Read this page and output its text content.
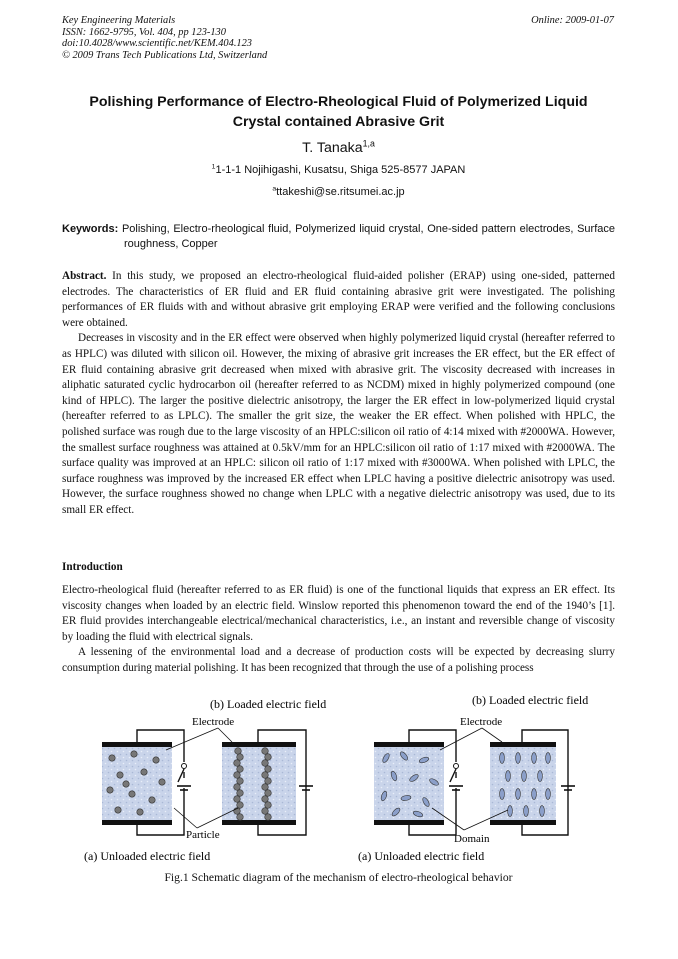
Key Engineering Materials
ISSN: 1662-9795, Vol. 404, pp 123-130
doi:10.4028/www.scientific.net/KEM.404.123
© 2009 Trans Tech Publications Ltd, Switzerland
Online: 2009-01-07
Polishing Performance of Electro-Rheological Fluid of Polymerized Liquid
Crystal contained Abrasive Grit
T. Tanaka$^{1,a}$
$^1$1-1-1 Nojihigashi, Kusatsu, Shiga 525-8577 JAPAN
$^a$ttakeshi@se.ritsumei.ac.jp
Keywords: Polishing, Electro-rheological fluid, Polymerized liquid crystal, One-sided pattern electrodes, Surface roughness, Copper

Abstract. In this study, we proposed an electro-rheological fluid-aided polisher (ERAP) using one-sided, patterned electrodes. The characteristics of ER fluid and ER fluid containing abrasive grit were investigated. The polishing performances of ER fluids with and without abrasive grit employing ERAP were verified and the following conclusions were obtained.

Decreases in viscosity and in the ER effect were observed when highly polymerized liquid crystal (hereafter referred to as HPLC) was diluted with silicon oil. However, the mixing of abrasive grit increases the ER effect, but the ER effect of ER fluid containing abrasive grit decreased when mixed with abrasive grit. The viscosity decreased with increases in aliphatic saturated cyclic hydrocarbon oil (hereafter referred to as NCDM) mixed in highly polymerized compound (one kind of HPLC). The larger the positive dielectric anisotropy, the larger the ER effect in low-polymerized liquid crystal (hereafter referred to as LPLC). The smaller the grit size, the weaker the ER effect. When polished with HPLC, the polished surface was rough due to the large viscosity of an HPLC:silicon oil ratio of 4:14 mixed with #2000WA. However, the smallest surface roughness was attained at 0.5kV/mm for an HPLC:silicon oil ratio of 1:17 mixed with #2000WA. The surface quality was improved at an HPLC: silicon oil ratio of 1:17 mixed with #3000WA. When polished with LPLC, the surface roughness was improved by the increased ER effect when LPLC having a positive dielectric anisotropy was used. However, the surface roughness showed no change when LPLC with a negative dielectric anisotropy was used, due to its small ER effect.

Introduction

Electro-rheological fluid (hereafter referred to as ER fluid) is one of the functional liquids that express an ER effect. Its viscosity changes when loaded by an electric field. Winslow reported this phenomenon toward the end of the 1940’s [1]. ER fluid provides interchangeable electrical/mechanical characteristics, i.e., an instant and reversible change of viscosity by loading the fluid with electrical signals.

A lessening of the environmental load and a decrease of production costs will be expected by decreasing slurry consumption during material polishing. It has been recognized that through the use of a polishing process

(b) Loaded electric field
Electrode
Particle
(a) Unloaded electric field
(b) Loaded electric field
Electrode
Domain
(a) Unloaded electric field
Fig.1 Schematic diagram of the mechanism of electro-rheological behavior
